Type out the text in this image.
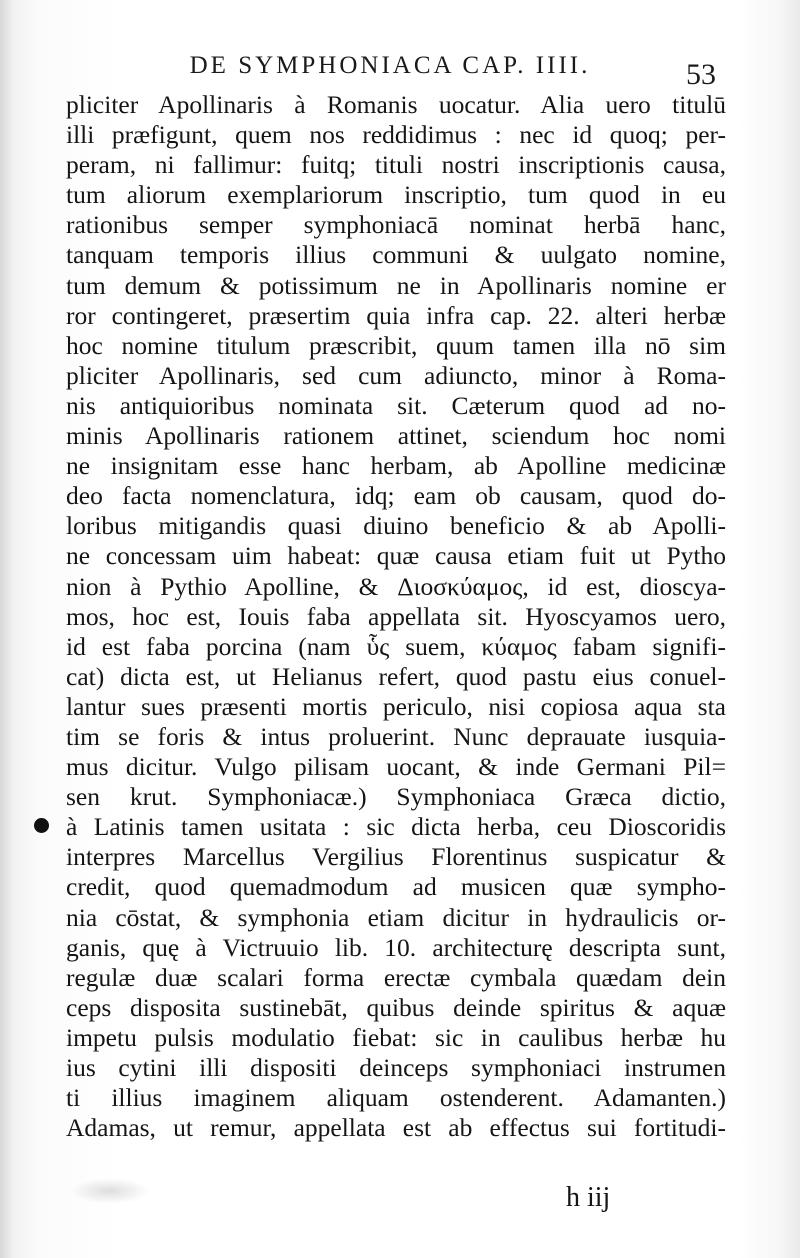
DE SYMPHONIACA CAP. IIII.	53
pliciter Apollinaris à Romanis uocatur. Alia uero titulū
illi præfigunt, quem nos reddidimus : nec id quoq; per-
peram, ni fallimur: fuitq; tituli nostri inscriptionis causa,
tum aliorum exemplariorum inscriptio, tum quod in eu
rationibus semper symphoniacā nominat herbā hanc,
tanquam temporis illius communi & uulgato nomine,
tum demum & potissimum ne in Apollinaris nomine er
ror contingeret, præsertim quia infra cap. 22. alteri herbæ
hoc nomine titulum præscribit, quum tamen illa nō sim
pliciter Apollinaris, sed cum adiuncto, minor à Roma-
nis antiquioribus nominata sit. Cæterum quod ad no-
minis Apollinaris rationem attinet, sciendum hoc nomi
ne insignitam esse hanc herbam, ab Apolline medicinæ
deo facta nomenclatura, idq; eam ob causam, quod do-
loribus mitigandis quasi diuino beneficio & ab Apolli-
ne concessam uim habeat: quæ causa etiam fuit ut Pytho
nion à Pythio Apolline, & Διοσκύαμος, id est, dioscya-
mos, hoc est, Iouis faba appellata sit. Hyoscyamos uero,
id est faba porcina (nam ὗς suem, κύαμος fabam signifi-
cat) dicta est, ut Helianus refert, quod pastu eius conuel-
lantur sues præsenti mortis periculo, nisi copiosa aqua sta
tim se foris & intus proluerint. Nunc deprauate iusquia-
mus dicitur. Vulgo pilisam uocant, & inde Germani Pil=
sen krut. Symphoniacæ.) Symphoniaca Græca dictio,
à Latinis tamen usitata : sic dicta herba, ceu Dioscoridis
interpres Marcellus Vergilius Florentinus suspicatur &
credit, quod quemadmodum ad musicen quæ sympho-
nia cōstat, & symphonia etiam dicitur in hydraulicis or-
ganis, quę à Victruuio lib. 10. architecturę descripta sunt,
regulæ duæ scalari forma erectæ cymbala quædam dein
ceps disposita sustinebāt, quibus deinde spiritus & aquæ
impetu pulsis modulatio fiebat: sic in caulibus herbæ hu
ius cytini illi dispositi deinceps symphoniaci instrumen
ti illius imaginem aliquam ostenderent. Adamanten.)
Adamas, ut remur, appellata est ab effectus sui fortitudi-
h iij
